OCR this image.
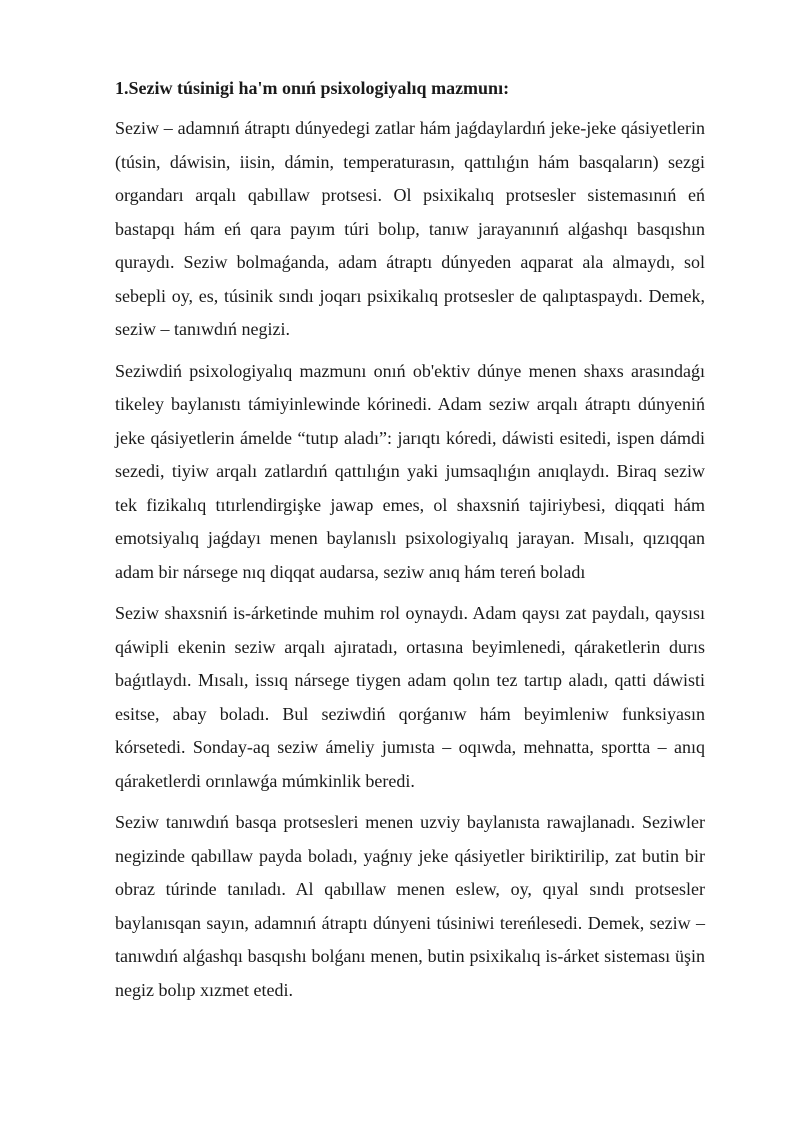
1.Seziw túsinigi ha'm onıń psixologiyalıq mazmunı:

Seziw – adamnıń átraptı dúnyedegi zatlar hám jaǵdaylardıń jeke-jeke qásiyetlerin (túsin, dáwisin, iisin, dámin, temperaturasın, qattılıǵın hám basqaların) sezgi organdarı arqalı qabıllaw protsesi. Ol psixikalıq protsesler sistemasınıń eń bastapqı hám eń qara payım túri bolıp, tanıw jarayanınıń alǵashqı basqıshın quraydı. Seziw bolmaǵanda, adam átraptı dúnyeden aqparat ala almaydı, sol sebepli oy, es, túsinik sındı joqarı psixikalıq protsesler de qalıptaspaydı. Demek, seziw – tanıwdıń negizi.

Seziwdiń psixologiyalıq mazmunı onıń ob'ektiv dúnye menen shaxs arasındaǵı tikeley baylanıstı támiyinlewinde kórinedi. Adam seziw arqalı átraptı dúnyeniń jeke qásiyetlerin ámelde “tutıp aladı”: jarıqtı kóredi, dáwisti esitedi, ispen dámdi sezedi, tiyiw arqalı zatlardıń qattılıǵın yaki jumsaqlıǵın anıqlaydı. Biraq seziw tek fizikalıq tıtırlendirgişke jawap emes, ol shaxsniń tajiriybesi, diqqati hám emotsiyalıq jaǵdayı menen baylanıslı psixologiyalıq jarayan. Mısalı, qızıqqan adam bir nársege nıq diqqat audarsa, seziw anıq hám tereń boladı

Seziw shaxsniń is-árketinde muhim rol oynaydı. Adam qaysı zat paydalı, qaysısı qáwipli ekenin seziw arqalı ajıratadı, ortasına beyimlenedi, qáraketlerin durıs baǵıtlaydı. Mısalı, issıq nársege tiygen adam qolın tez tartıp aladı, qatti dáwisti esitse, abay boladı. Bul seziwdiń qorǵanıw hám beyimleniw funksiyasın kórsetedi. Sonday-aq seziw ámeliy jumısta – oqıwda, mehnatta, sportta – anıq qáraketlerdi orınlawǵa múmkinlik beredi.

Seziw tanıwdıń basqa protsesleri menen uzviy baylanısta rawajlanadı. Seziwler negizinde qabıllaw payda boladı, yaǵnıy jeke qásiyetler biriktirilip, zat butin bir obraz túrinde tanıladı. Al qabıllaw menen eslew, oy, qıyal sındı protsesler baylanısqan sayın, adamnıń átraptı dúnyeni túsiniwi tereńlesedi. Demek, seziw – tanıwdıń alǵashqı basqıshı bolǵanı menen, butin psixikalıq is-árket sisteması üşin negiz bolıp xızmet etedi.
